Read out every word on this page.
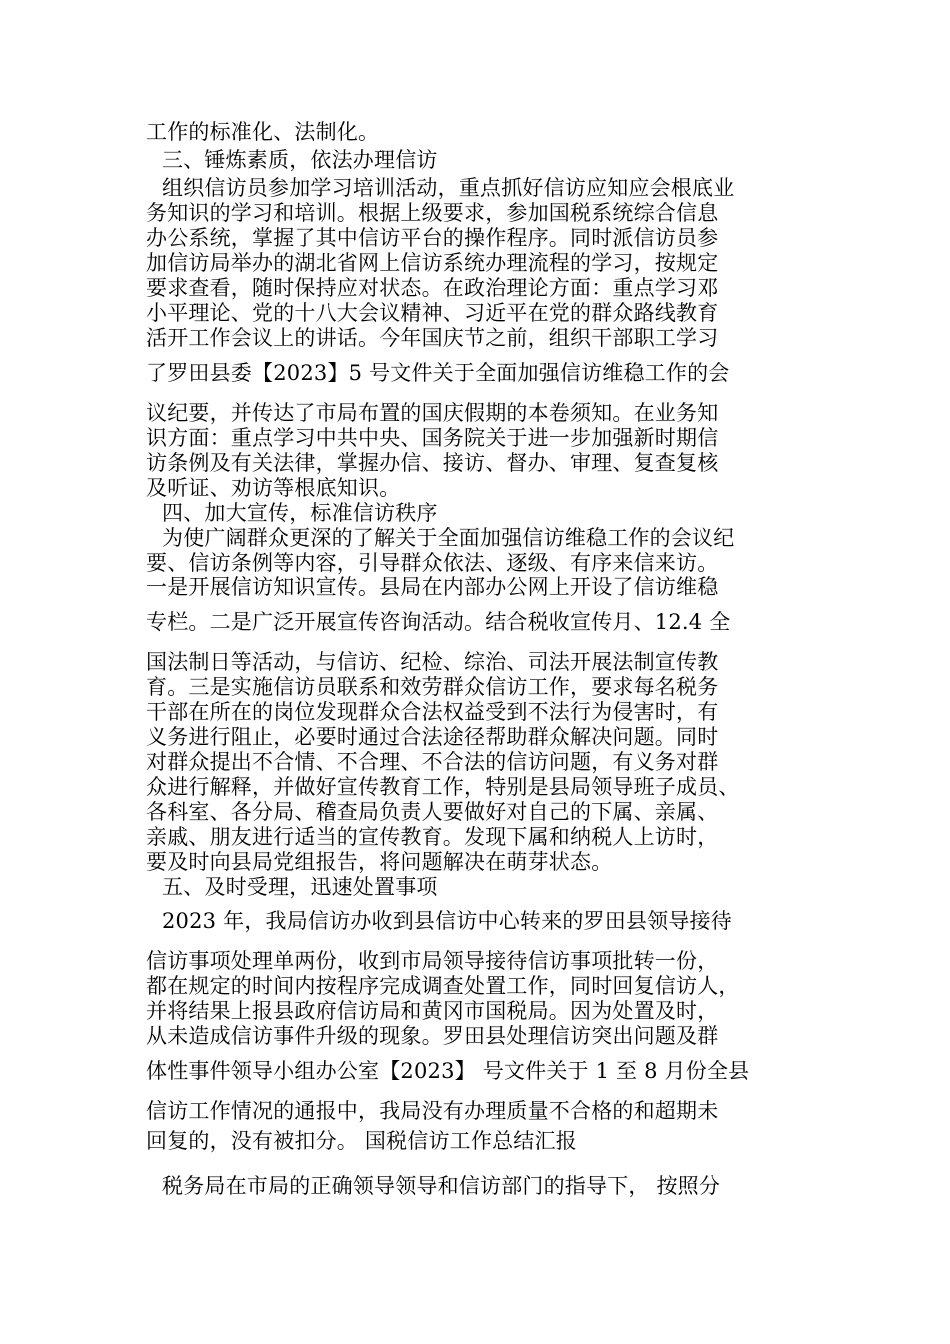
工作的标准化、法制化。
三、锤炼素质，依法办理信访
组织信访员参加学习培训活动，重点抓好信访应知应会根底业
务知识的学习和培训。根据上级要求，参加国税系统综合信息
办公系统，掌握了其中信访平台的操作程序。同时派信访员参
加信访局举办的湖北省网上信访系统办理流程的学习，按规定
要求查看，随时保持应对状态。在政治理论方面：重点学习邓
小平理论、党的十八大会议精神、习近平在党的群众路线教育
活开工作会议上的讲话。今年国庆节之前，组织干部职工学习
了罗田县委【2023】5 号文件关于全面加强信访维稳工作的会
议纪要，并传达了市局布置的国庆假期的本卷须知。在业务知
识方面：重点学习中共中央、国务院关于进一步加强新时期信
访条例及有关法律，掌握办信、接访、督办、审理、复查复核
及听证、劝访等根底知识。
四、加大宣传，标准信访秩序
为使广阔群众更深的了解关于全面加强信访维稳工作的会议纪
要、信访条例等内容，引导群众依法、逐级、有序来信来访。
一是开展信访知识宣传。县局在内部办公网上开设了信访维稳
专栏。二是广泛开展宣传咨询活动。结合税收宣传月、12.4 全
国法制日等活动，与信访、纪检、综治、司法开展法制宣传教
育。三是实施信访员联系和效劳群众信访工作，要求每名税务
干部在所在的岗位发现群众合法权益受到不法行为侵害时，有
义务进行阻止，必要时通过合法途径帮助群众解决问题。同时
对群众提出不合情、不合理、不合法的信访问题，有义务对群
众进行解释，并做好宣传教育工作，特别是县局领导班子成员、
各科室、各分局、稽查局负责人要做好对自己的下属、亲属、
亲戚、朋友进行适当的宣传教育。发现下属和纳税人上访时，
要及时向县局党组报告，将问题解决在萌芽状态。
五、及时受理，迅速处置事项
2023 年，我局信访办收到县信访中心转来的罗田县领导接待
信访事项处理单两份，收到市局领导接待信访事项批转一份，
都在规定的时间内按程序完成调查处置工作，同时回复信访人，
并将结果上报县政府信访局和黄冈市国税局。因为处置及时，
从未造成信访事件升级的现象。罗田县处理信访突出问题及群
体性事件领导小组办公室【2023】 号文件关于 1 至 8 月份全县
信访工作情况的通报中，我局没有办理质量不合格的和超期未
回复的，没有被扣分。 国税信访工作总结汇报
税务局在市局的正确领导领导和信访部门的指导下， 按照分
